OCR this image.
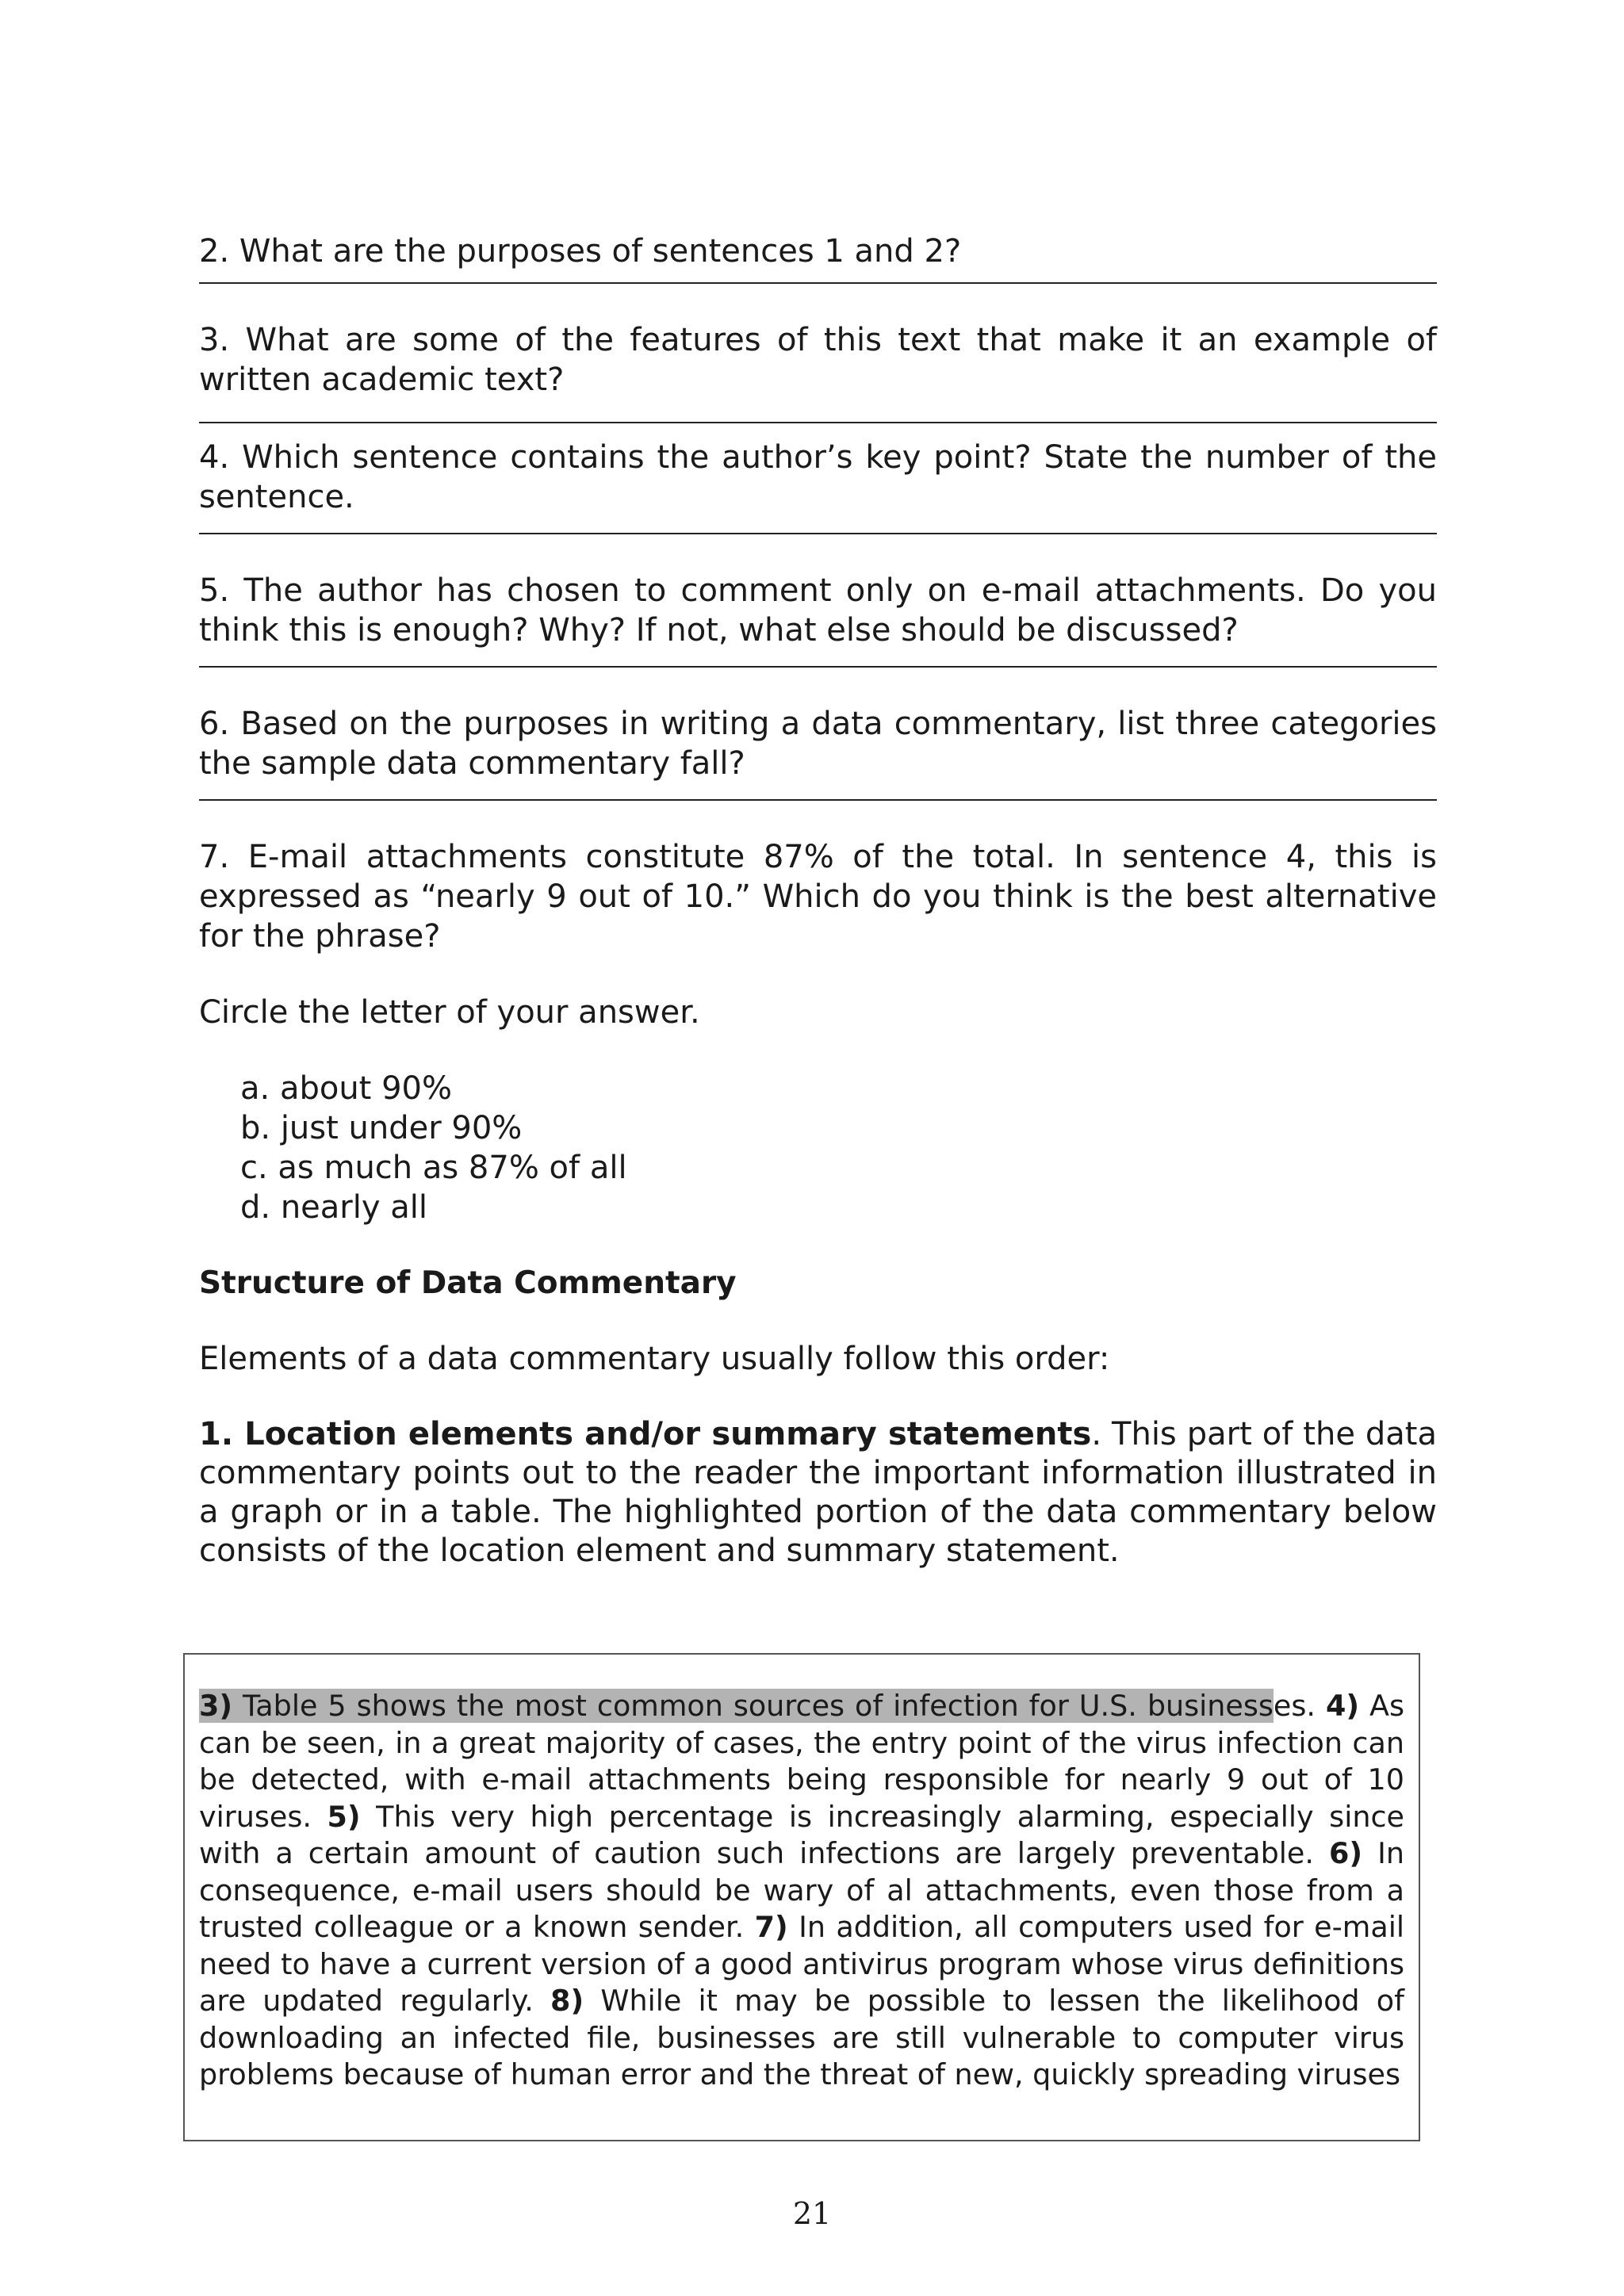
2. What are the purposes of sentences 1 and 2?

3. What are some of the features of this text that make it an example of written academic text?

4. Which sentence contains the author’s key point? State the number of the sentence.

5. The author has chosen to comment only on e-mail attachments. Do you think this is enough? Why? If not, what else should be discussed?

6. Based on the purposes in writing a data commentary, list three categories the sample data commentary fall?

7. E-mail attachments constitute 87% of the total. In sentence 4, this is expressed as “nearly 9 out of 10.” Which do you think is the best alternative for the phrase?

Circle the letter of your answer.

a. about 90%
b. just under 90%
c. as much as 87% of all
d. nearly all
Structure of Data Commentary

Elements of a data commentary usually follow this order:

1. Location elements and/or summary statements. This part of the data commentary points out to the reader the important information illustrated in a graph or in a table. The highlighted portion of the data commentary below consists of the location element and summary statement.

3) Table 5 shows the most common sources of infection for U.S. businesses. 4) As can be seen, in a great majority of cases, the entry point of the virus infection can be detected, with e-mail attachments being responsible for nearly 9 out of 10 viruses. 5) This very high percentage is increasingly alarming, especially since with a certain amount of caution such infections are largely preventable. 6) In consequence, e-mail users should be wary of al attachments, even those from a trusted colleague or a known sender. 7) In addition, all computers used for e-mail need to have a current version of a good antivirus program whose virus definitions are updated regularly. 8) While it may be possible to lessen the likelihood of downloading an infected file, businesses are still vulnerable to computer virus problems because of human error and the threat of new, quickly spreading viruses

21
